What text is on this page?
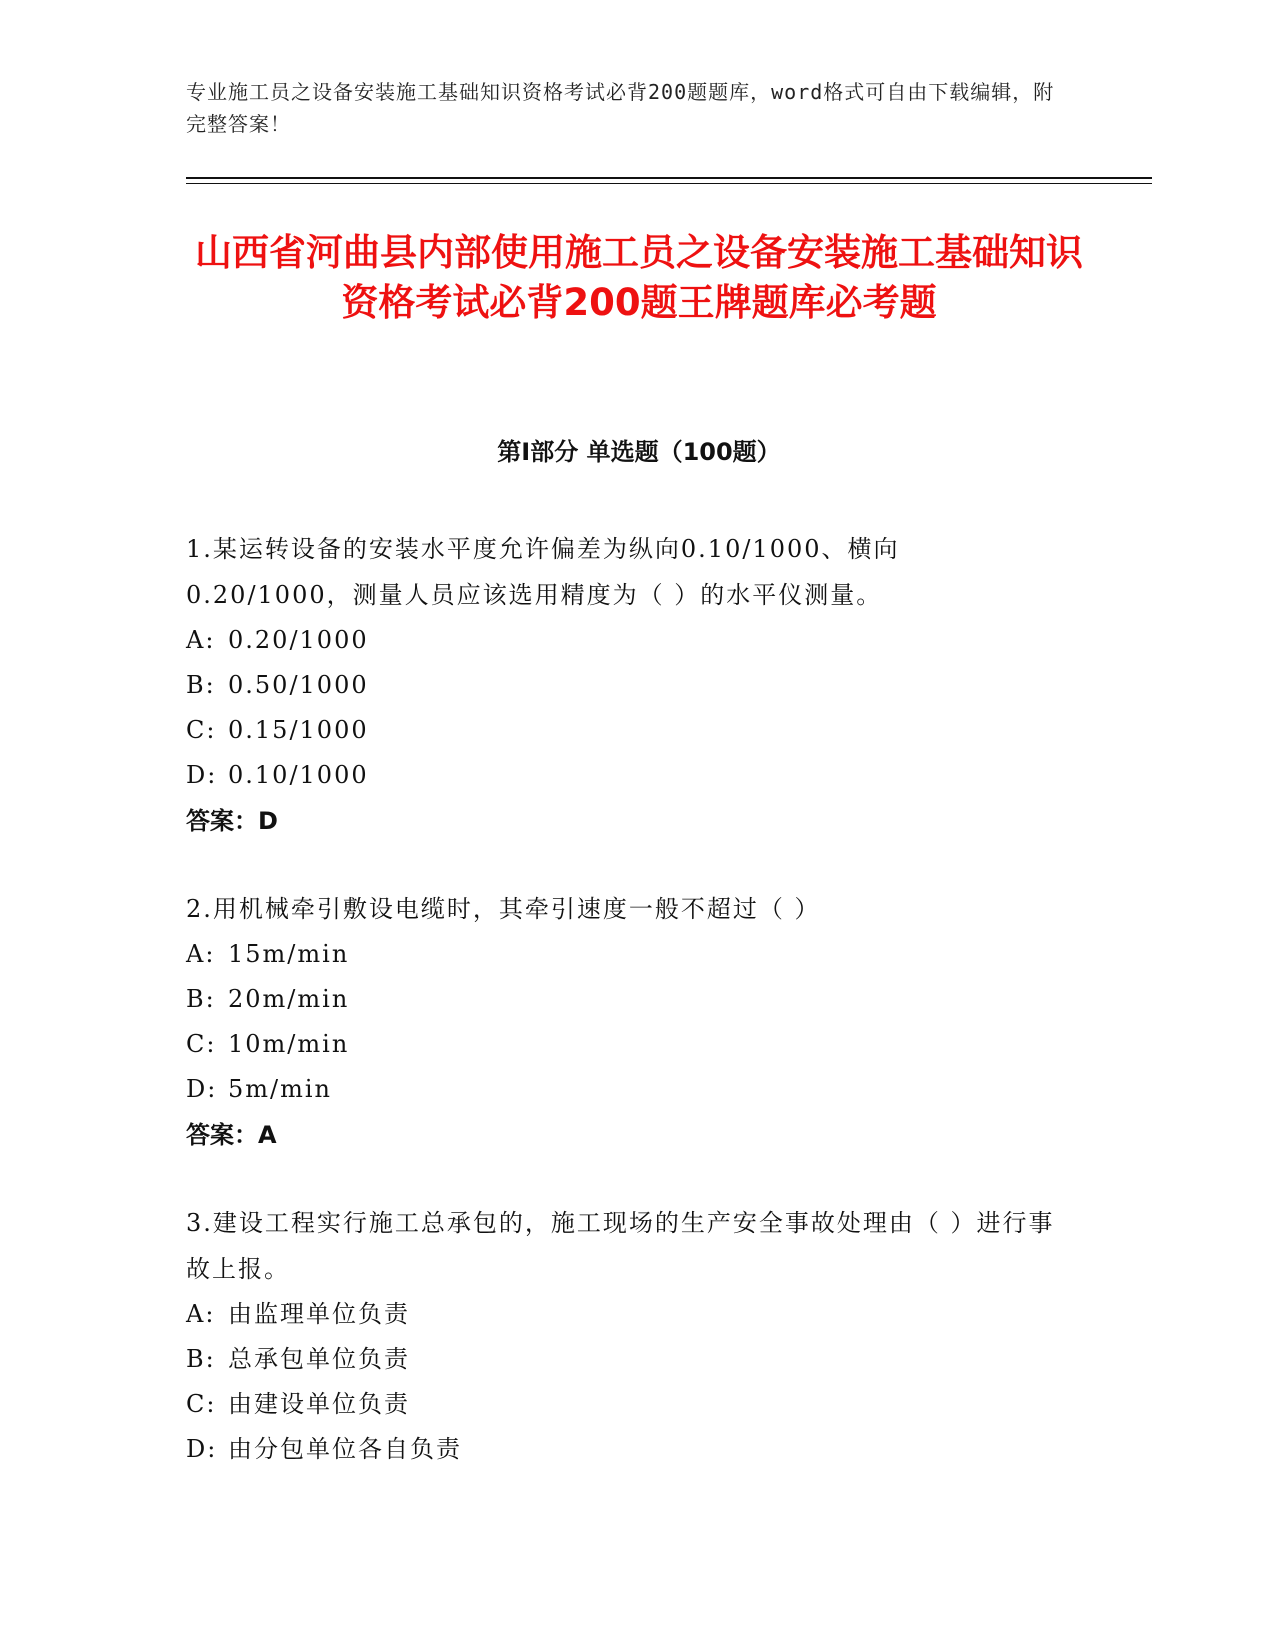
专业施工员之设备安装施工基础知识资格考试必背200题题库，word格式可自由下载编辑，附完整答案！
山西省河曲县内部使用施工员之设备安装施工基础知识资格考试必背200题王牌题库必考题
第I部分 单选题（100题）
1.某运转设备的安装水平度允许偏差为纵向0.10/1000、横向0.20/1000，测量人员应该选用精度为（ ）的水平仪测量。
A: 0.20/1000
B: 0.50/1000
C: 0.15/1000
D: 0.10/1000
答案：D
2.用机械牵引敷设电缆时，其牵引速度一般不超过（ ）
A: 15m/min
B: 20m/min
C: 10m/min
D: 5m/min
答案：A
3.建设工程实行施工总承包的，施工现场的生产安全事故处理由（ ）进行事故上报。
A: 由监理单位负责
B: 总承包单位负责
C: 由建设单位负责
D: 由分包单位各自负责
